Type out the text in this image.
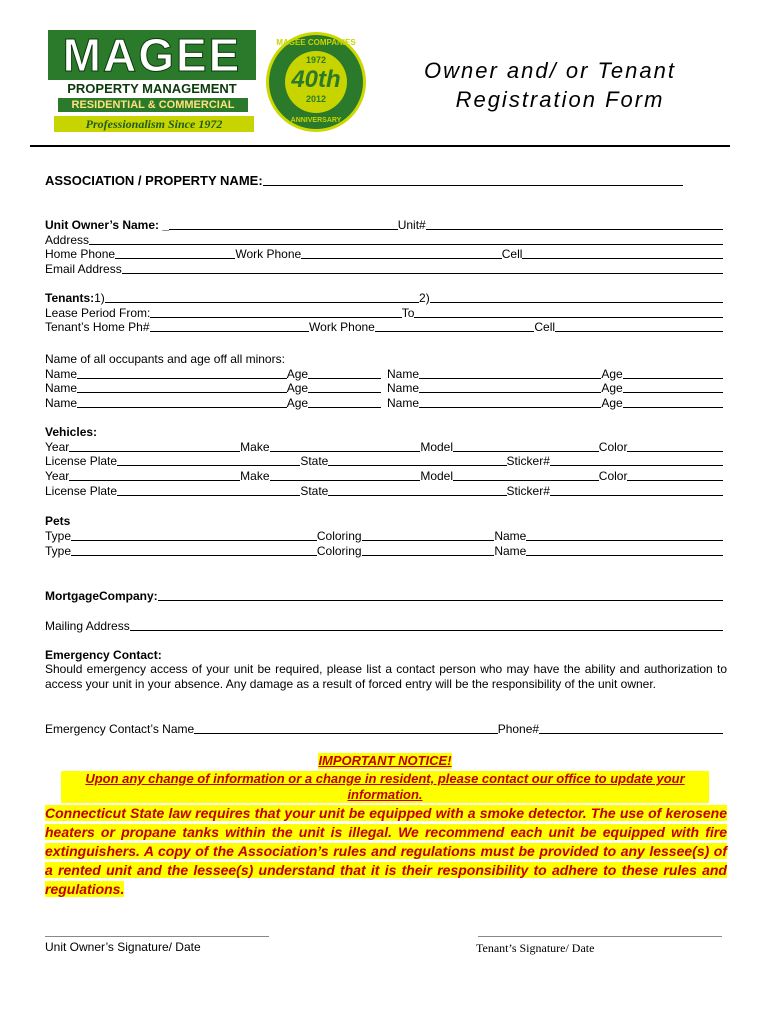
MAGEE
PROPERTY MANAGEMENT
RESIDENTIAL & COMMERCIAL
Professionalism Since 1972
MAGEE COMPANIES
1972
40th
2012
ANNIVERSARY
Owner and/ or Tenant
Registration Form
ASSOCIATION / PROPERTY NAME:
Unit Owner’s Name: _	Unit#
Address
Home Phone	Work Phone	Cell
Email Address
Tenants: 1)	2)
Lease Period From:	To
Tenant’s Home Ph#	Work Phone	Cell
Name of all occupants and age off all minors:
Name	Age	Name	Age
Name	Age	Name	Age
Name	Age	Name	Age
Vehicles:
Year	Make	Model	Color
License Plate	State	Sticker#
Year	Make	Model	Color
License Plate	State	Sticker#
Pets
Type	Coloring	Name
Type	Coloring	Name
MortgageCompany:
Mailing Address
Emergency Contact:
Should emergency access of your unit be required, please list a contact person who may have the ability and authorization to access your unit in your absence. Any damage as a result of forced entry will be the responsibility of the unit owner.
Emergency Contact’s Name	Phone#
IMPORTANT NOTICE!
Upon any change of information or a change in resident, please contact our office to update your information.
Connecticut State law requires that your unit be equipped with a smoke detector. The use of kerosene heaters or propane tanks within the unit is illegal. We recommend each unit be equipped with fire extinguishers. A copy of the Association’s rules and regulations must be provided to any lessee(s) of a rented unit and the lessee(s) understand that it is their responsibility to adhere to these rules and regulations.
Unit Owner’s Signature/ Date	Tenant’s Signature/ Date
